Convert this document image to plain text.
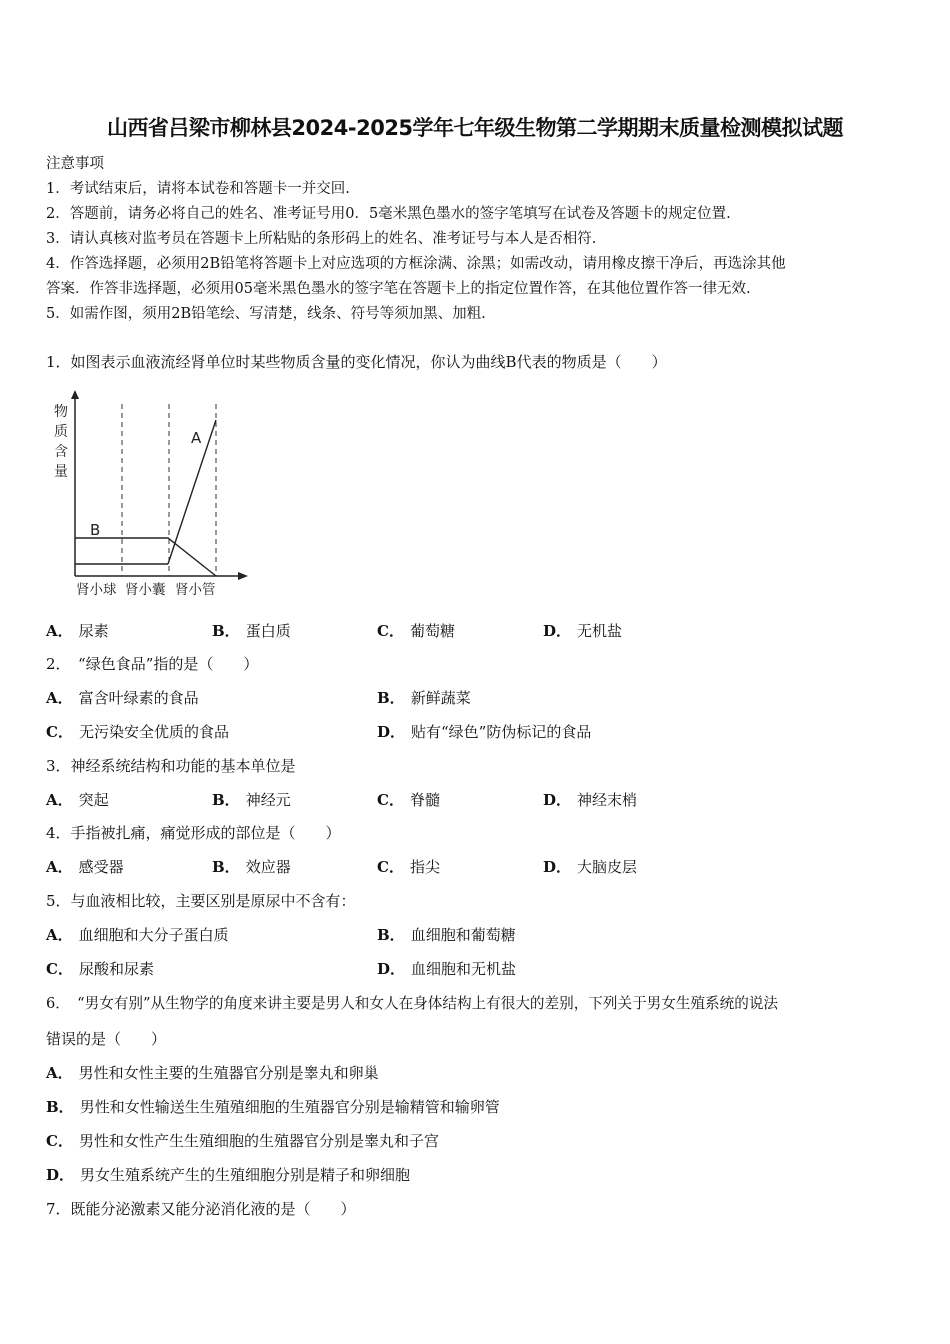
山西省吕梁市柳林县2024-2025学年七年级生物第二学期期末质量检测模拟试题
注意事项
1．考试结束后，请将本试卷和答题卡一并交回.
2．答题前，请务必将自己的姓名、准考证号用0．5毫米黑色墨水的签字笔填写在试卷及答题卡的规定位置.
3．请认真核对监考员在答题卡上所粘贴的条形码上的姓名、准考证号与本人是否相符.
4．作答选择题，必须用2B铅笔将答题卡上对应选项的方框涂满、涂黑；如需改动，请用橡皮擦干净后，再选涂其他
答案．作答非选择题，必须用05毫米黑色墨水的签字笔在答题卡上的指定位置作答，在其他位置作答一律无效.
5．如需作图，须用2B铅笔绘、写清楚，线条、符号等须加黑、加粗.
1．如图表示血液流经肾单位时某些物质含量的变化情况，你认为曲线B代表的物质是（　　）
物
质
含
量
A
B
肾小球 肾小囊 肾小管
A． 尿素	B． 蛋白质	C． 葡萄糖	D． 无机盐
2．　“绿色食品”指的是（　　）
A． 富含叶绿素的食品	B． 新鲜蔬菜
C． 无污染安全优质的食品	D． 贴有“绿色”防伪标记的食品
3．神经系统结构和功能的基本单位是
A． 突起	B． 神经元	C． 脊髓	D． 神经末梢
4．手指被扎痛，痛觉形成的部位是（　　）
A． 感受器	B． 效应器	C． 指尖	D． 大脑皮层
5．与血液相比较，主要区别是原尿中不含有：
A． 血细胞和大分子蛋白质	B． 血细胞和葡萄糖
C． 尿酸和尿素	D． 血细胞和无机盐
6．　“男女有别”从生物学的角度来讲主要是男人和女人在身体结构上有很大的差别，下列关于男女生殖系统的说法
错误的是（　　）
A． 男性和女性主要的生殖器官分别是睾丸和卵巢
B． 男性和女性输送生生殖殖细胞的生殖器官分别是输精管和输卵管
C． 男性和女性产生生殖细胞的生殖器官分别是睾丸和子宫
D． 男女生殖系统产生的生殖细胞分别是精子和卵细胞
7．既能分泌激素又能分泌消化液的是（　　）
